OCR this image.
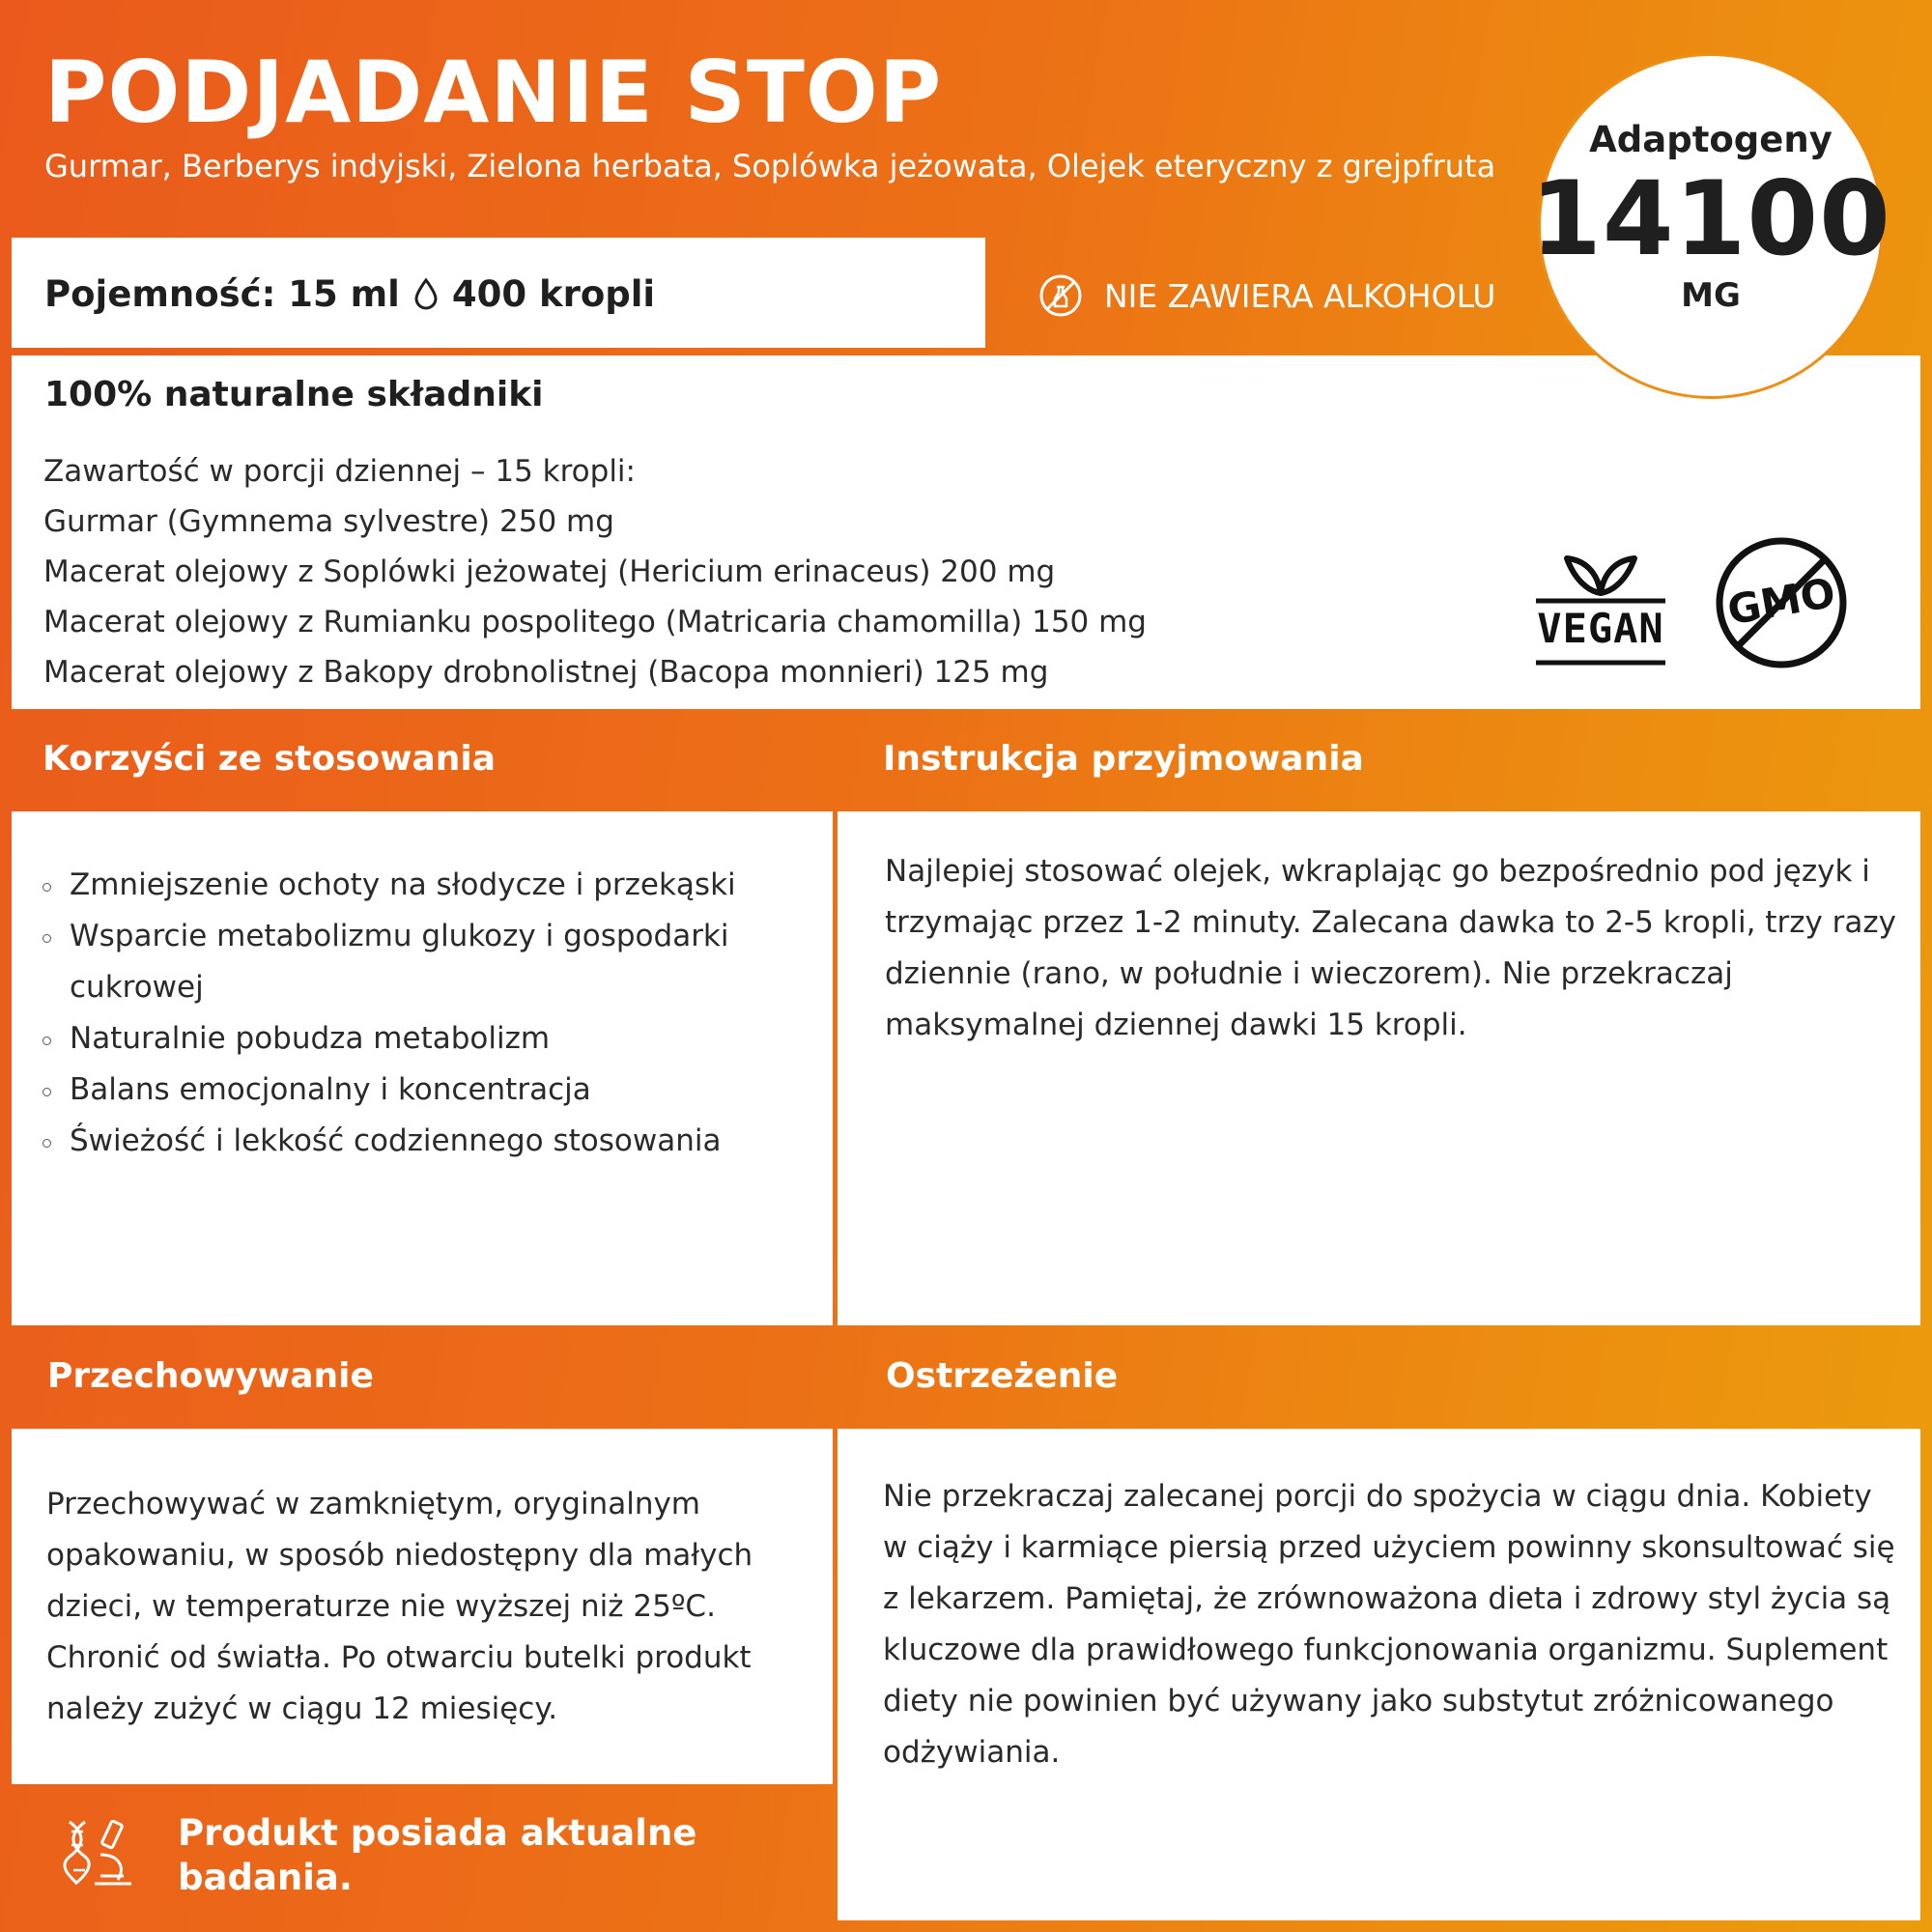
PODJADANIE STOP
Gurmar, Berberys indyjski, Zielona herbata, Soplówka jeżowata, Olejek eteryczny z grejpfruta
Pojemność: 15 ml 400 kropli	NIE ZAWIERA ALKOHOLU
100% naturalne składniki
Zawartość w porcji dziennej – 15 kropli:
Gurmar (Gymnema sylvestre) 250 mg
Macerat olejowy z Soplówki jeżowatej (Hericium erinaceus) 200 mg
Macerat olejowy z Rumianku pospolitego (Matricaria chamomilla) 150 mg
Macerat olejowy z Bakopy drobnolistnej (Bacopa monnieri) 125 mg
VEGAN	GMO
Adaptogeny
14100
MG
Korzyści ze stosowania	Instrukcja przyjmowania
Zmniejszenie ochoty na słodycze i przekąski
Wsparcie metabolizmu glukozy i gospodarki cukrowej
Naturalnie pobudza metabolizm
Balans emocjonalny i koncentracja
Świeżość i lekkość codziennego stosowania
Najlepiej stosować olejek, wkraplając go bezpośrednio pod język i trzymając przez 1-2 minuty. Zalecana dawka to 2-5 kropli, trzy razy dziennie (rano, w południe i wieczorem). Nie przekraczaj maksymalnej dziennej dawki 15 kropli.
Przechowywanie	Ostrzeżenie
Przechowywać w zamkniętym, oryginalnym opakowaniu, w sposób niedostępny dla małych dzieci, w temperaturze nie wyższej niż 25ºC. Chronić od światła. Po otwarciu butelki produkt należy zużyć w ciągu 12 miesięcy.
Nie przekraczaj zalecanej porcji do spożycia w ciągu dnia. Kobiety w ciąży i karmiące piersią przed użyciem powinny skonsultować się z lekarzem. Pamiętaj, że zrównoważona dieta i zdrowy styl życia są kluczowe dla prawidłowego funkcjonowania organizmu. Suplement diety nie powinien być używany jako substytut zróżnicowanego odżywiania.
Produkt posiada aktualne badania.
